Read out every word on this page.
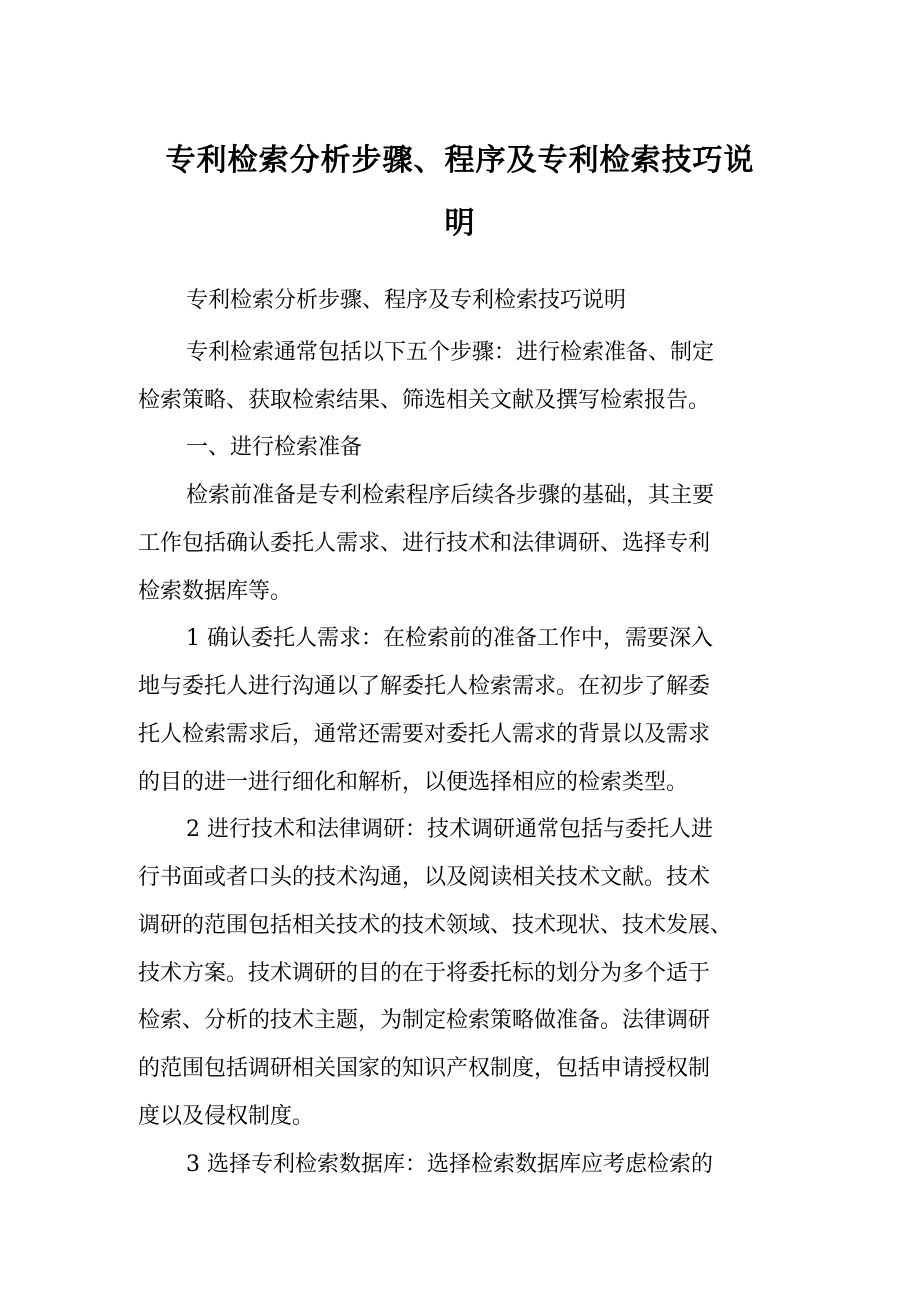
专利检索分析步骤、程序及专利检索技巧说
明
专利检索分析步骤、程序及专利检索技巧说明
专利检索通常包括以下五个步骤：进行检索准备、制定
检索策略、获取检索结果、筛选相关文献及撰写检索报告。
一、进行检索准备
检索前准备是专利检索程序后续各步骤的基础，其主要
工作包括确认委托人需求、进行技术和法律调研、选择专利
检索数据库等。
1 确认委托人需求：在检索前的准备工作中，需要深入
地与委托人进行沟通以了解委托人检索需求。在初步了解委
托人检索需求后，通常还需要对委托人需求的背景以及需求
的目的进一进行细化和解析，以便选择相应的检索类型。
2 进行技术和法律调研：技术调研通常包括与委托人进
行书面或者口头的技术沟通，以及阅读相关技术文献。技术
调研的范围包括相关技术的技术领域、技术现状、技术发展、
技术方案。技术调研的目的在于将委托标的划分为多个适于
检索、分析的技术主题，为制定检索策略做准备。法律调研
的范围包括调研相关国家的知识产权制度，包括申请授权制
度以及侵权制度。
3 选择专利检索数据库：选择检索数据库应考虑检索的
